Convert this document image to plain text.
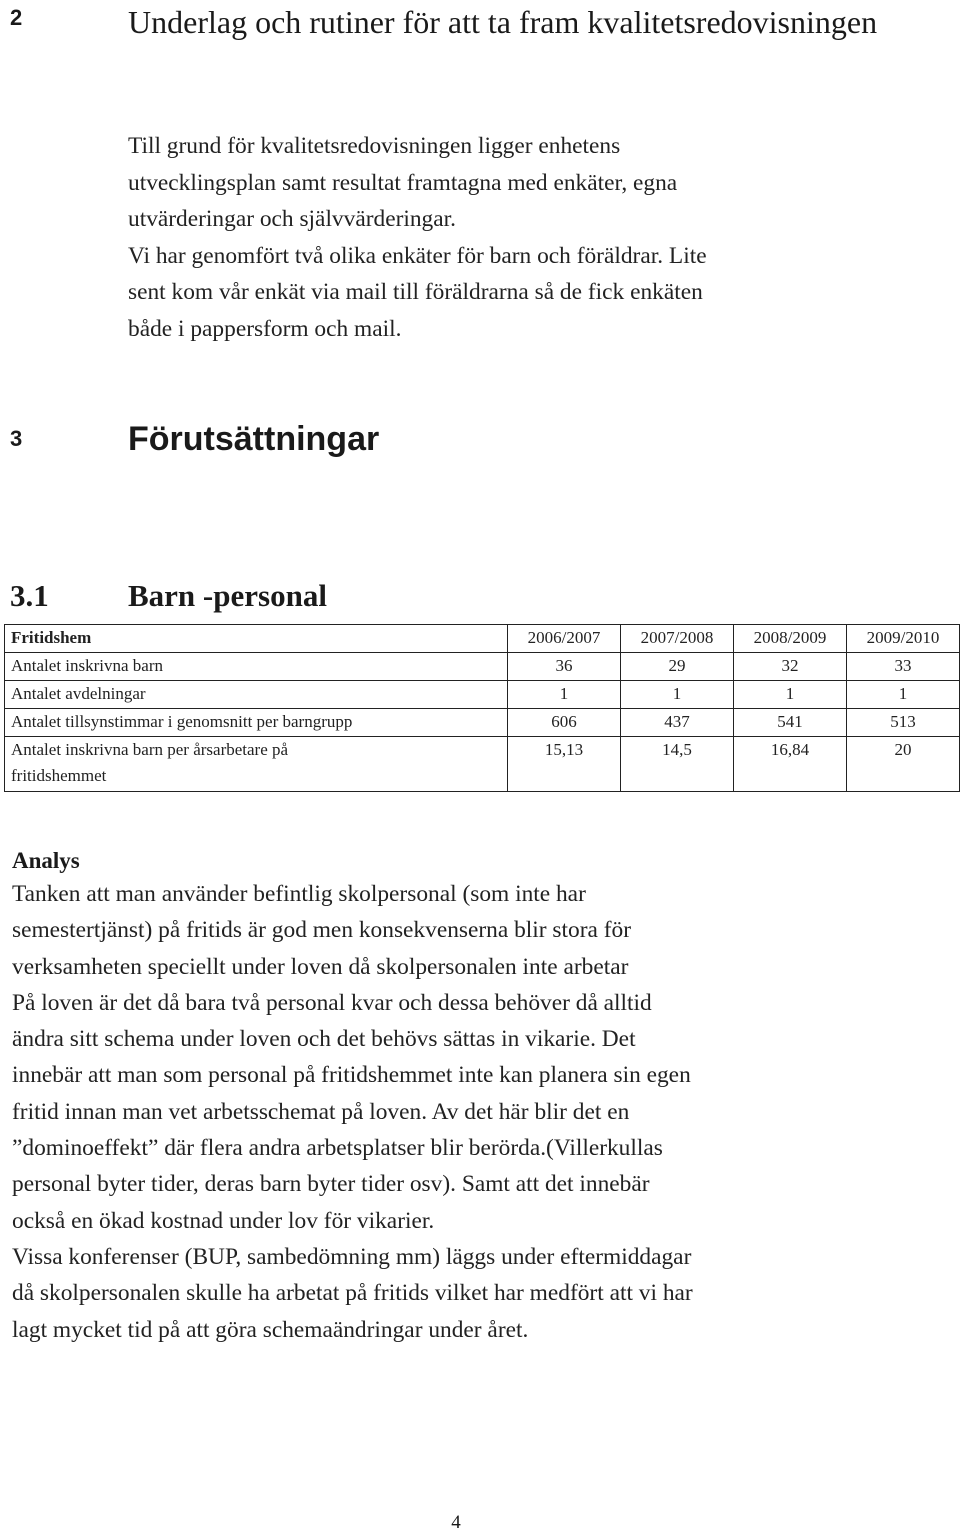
2	Underlag och rutiner för att ta fram kvalitetsredovisningen
Till grund för kvalitetsredovisningen ligger enhetens
utvecklingsplan samt resultat framtagna med enkäter, egna
utvärderingar och självvärderingar.
Vi har genomfört två olika enkäter för barn och föräldrar. Lite
sent kom vår enkät via mail till föräldrarna så de fick enkäten
både i pappersform och mail.
3	Förutsättningar
3.1	Barn -personal
Fritidshem	2006/2007	2007/2008	2008/2009	2009/2010
Antalet inskrivna barn	36	29	32	33
Antalet avdelningar	1	1	1	1
Antalet tillsynstimmar i genomsnitt per barngrupp	606	437	541	513
Antalet inskrivna barn per årsarbetare på
fritidshemmet	15,13	14,5	16,84	20
Analys
Tanken att man använder befintlig skolpersonal (som inte har
semestertjänst) på fritids är god men konsekvenserna blir stora för
verksamheten speciellt under loven då skolpersonalen inte arbetar
På loven är det då bara två personal kvar och dessa behöver då alltid
ändra sitt schema under loven och det behövs sättas in vikarie. Det
innebär att man som personal på fritidshemmet inte kan planera sin egen
fritid innan man vet arbetsschemat på loven. Av det här blir det en
”dominoeffekt” där flera andra arbetsplatser blir berörda.(Villerkullas
personal byter tider, deras barn byter tider osv). Samt att det innebär
också en ökad kostnad under lov för vikarier.
Vissa konferenser (BUP, sambedömning mm) läggs under eftermiddagar
då skolpersonalen skulle ha arbetat på fritids vilket har medfört att vi har
lagt mycket tid på att göra schemaändringar under året.
4
